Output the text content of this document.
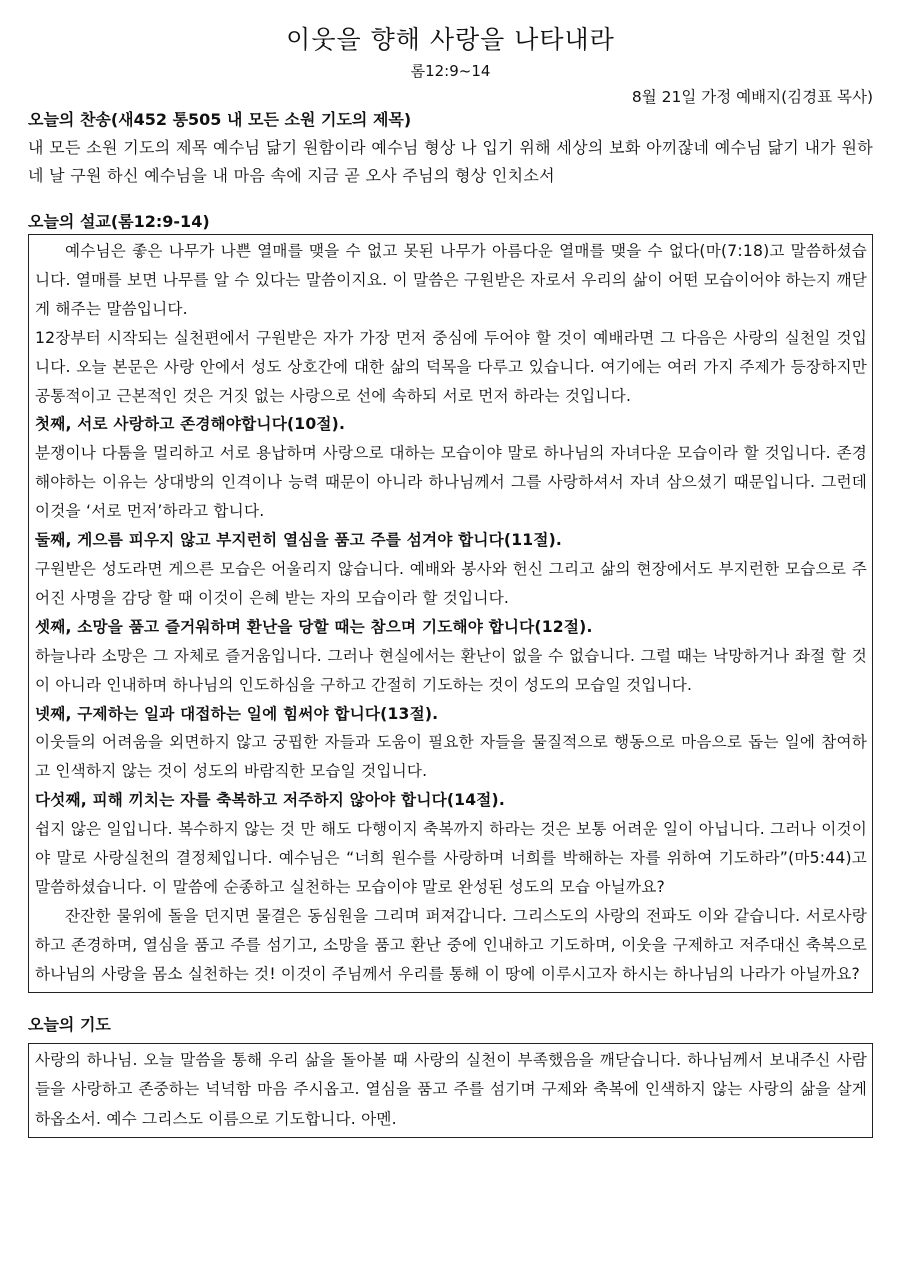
이웃을 향해 사랑을 나타내라
롬12:9~14
8월 21일 가정 예배지(김경표 목사)
오늘의 찬송(새452 통505 내 모든 소원 기도의 제목)
내 모든 소원 기도의 제목 예수님 닮기 원함이라 예수님 형상 나 입기 위해 세상의 보화 아끼잖네 예수님 닮기 내가 원하네 날 구원 하신 예수님을 내 마음 속에 지금 곧 오사 주님의 형상 인치소서
오늘의 설교(롬12:9-14)

예수님은 좋은 나무가 나쁜 열매를 맺을 수 없고 못된 나무가 아름다운 열매를 맺을 수 없다(마(7:18)고 말씀하셨습니다. 열매를 보면 나무를 알 수 있다는 말씀이지요. 이 말씀은 구원받은 자로서 우리의 삶이 어떤 모습이어야 하는지 깨닫게 해주는 말씀입니다.

12장부터 시작되는 실천편에서 구원받은 자가 가장 먼저 중심에 두어야 할 것이 예배라면 그 다음은 사랑의 실천일 것입니다. 오늘 본문은 사랑 안에서 성도 상호간에 대한 삶의 덕목을 다루고 있습니다. 여기에는 여러 가지 주제가 등장하지만 공통적이고 근본적인 것은 거짓 없는 사랑으로 선에 속하되 서로 먼저 하라는 것입니다.

첫째, 서로 사랑하고 존경해야합니다(10절).

분쟁이나 다툼을 멀리하고 서로 용납하며 사랑으로 대하는 모습이야 말로 하나님의 자녀다운 모습이라 할 것입니다. 존경해야하는 이유는 상대방의 인격이나 능력 때문이 아니라 하나님께서 그를 사랑하셔서 자녀 삼으셨기 때문입니다. 그런데 이것을 ‘서로 먼저’하라고 합니다.

둘째, 게으름 피우지 않고 부지런히 열심을 품고 주를 섬겨야 합니다(11절).

구원받은 성도라면 게으른 모습은 어울리지 않습니다. 예배와 봉사와 헌신 그리고 삶의 현장에서도 부지런한 모습으로 주어진 사명을 감당 할 때 이것이 은혜 받는 자의 모습이라 할 것입니다.

셋째, 소망을 품고 즐거워하며 환난을 당할 때는 참으며 기도해야 합니다(12절).

하늘나라 소망은 그 자체로 즐거움입니다. 그러나 현실에서는 환난이 없을 수 없습니다. 그럴 때는 낙망하거나 좌절 할 것이 아니라 인내하며 하나님의 인도하심을 구하고 간절히 기도하는 것이 성도의 모습일 것입니다.

넷째, 구제하는 일과 대접하는 일에 힘써야 합니다(13절).

이웃들의 어려움을 외면하지 않고 궁핍한 자들과 도움이 필요한 자들을 물질적으로 행동으로 마음으로 돕는 일에 참여하고 인색하지 않는 것이 성도의 바람직한 모습일 것입니다.

다섯째, 피해 끼치는 자를 축복하고 저주하지 않아야 합니다(14절).

쉽지 않은 일입니다. 복수하지 않는 것 만 해도 다행이지 축복까지 하라는 것은 보통 어려운 일이 아닙니다. 그러나 이것이야 말로 사랑실천의 결정체입니다. 예수님은 “너희 원수를 사랑하며 너희를 박해하는 자를 위하여 기도하라”(마5:44)고 말씀하셨습니다. 이 말씀에 순종하고 실천하는 모습이야 말로 완성된 성도의 모습 아닐까요?

잔잔한 물위에 돌을 던지면 물결은 동심원을 그리며 퍼져갑니다. 그리스도의 사랑의 전파도 이와 같습니다. 서로사랑하고 존경하며, 열심을 품고 주를 섬기고, 소망을 품고 환난 중에 인내하고 기도하며, 이웃을 구제하고 저주대신 축복으로 하나님의 사랑을 몸소 실천하는 것! 이것이 주님께서 우리를 통해 이 땅에 이루시고자 하시는 하나님의 나라가 아닐까요?

오늘의 기도

사랑의 하나님. 오늘 말씀을 통해 우리 삶을 돌아볼 때 사랑의 실천이 부족했음을 깨닫습니다. 하나님께서 보내주신 사람들을 사랑하고 존중하는 넉넉함 마음 주시옵고. 열심을 품고 주를 섬기며 구제와 축복에 인색하지 않는 사랑의 삶을 살게 하옵소서. 예수 그리스도 이름으로 기도합니다. 아멘.
